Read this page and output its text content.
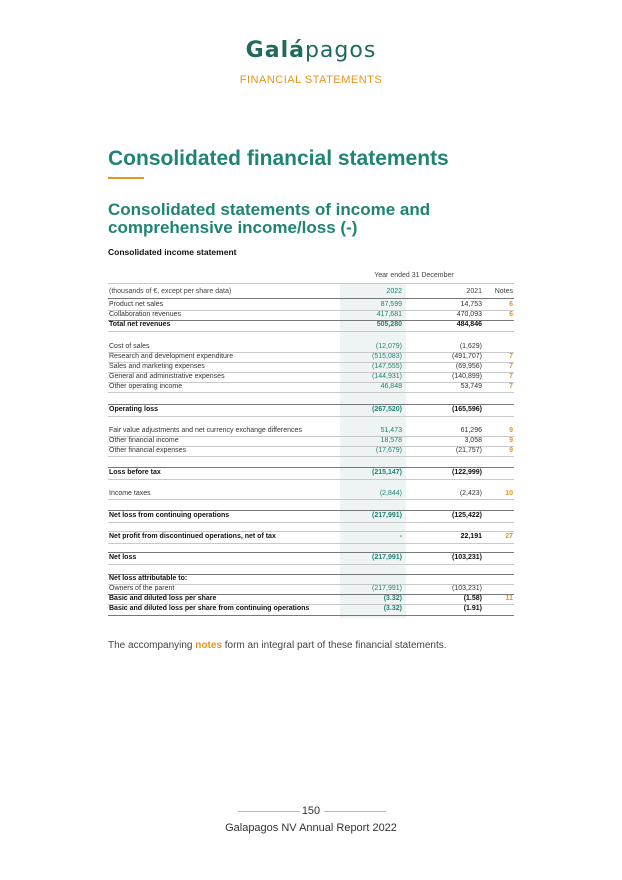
Galápagos
FINANCIAL STATEMENTS
Consolidated financial statements
Consolidated statements of income and comprehensive income/loss (-)
Consolidated income statement
Year ended 31 December
(thousands of €, except per share data)	2022	2021	Notes
Product net sales	87,599	14,753	6
Collaboration revenues	417,681	470,093	6
Total net revenues	505,280	484,846
Cost of sales	(12,079)	(1,629)
Research and development expenditure	(515,083)	(491,707)	7
Sales and marketing expenses	(147,555)	(69,956)	7
General and administrative expenses	(144,931)	(140,899)	7
Other operating income	46,848	53,749	7
Operating loss	(267,520)	(165,596)
Fair value adjustments and net currency exchange differences	51,473	61,296	9
Other financial income	18,578	3,058	9
Other financial expenses	(17,679)	(21,757)	9
Loss before tax	(215,147)	(122,999)
Income taxes	(2,844)	(2,423)	10
Net loss from continuing operations	(217,991)	(125,422)
Net profit from discontinued operations, net of tax	-	22,191	27
Net loss	(217,991)	(103,231)
Net loss attributable to:
Owners of the parent	(217,991)	(103,231)
Basic and diluted loss per share	(3.32)	(1.58)	11
Basic and diluted loss per share from continuing operations	(3.32)	(1.91)
The accompanying notes form an integral part of these financial statements.
150
Galapagos NV Annual Report 2022
